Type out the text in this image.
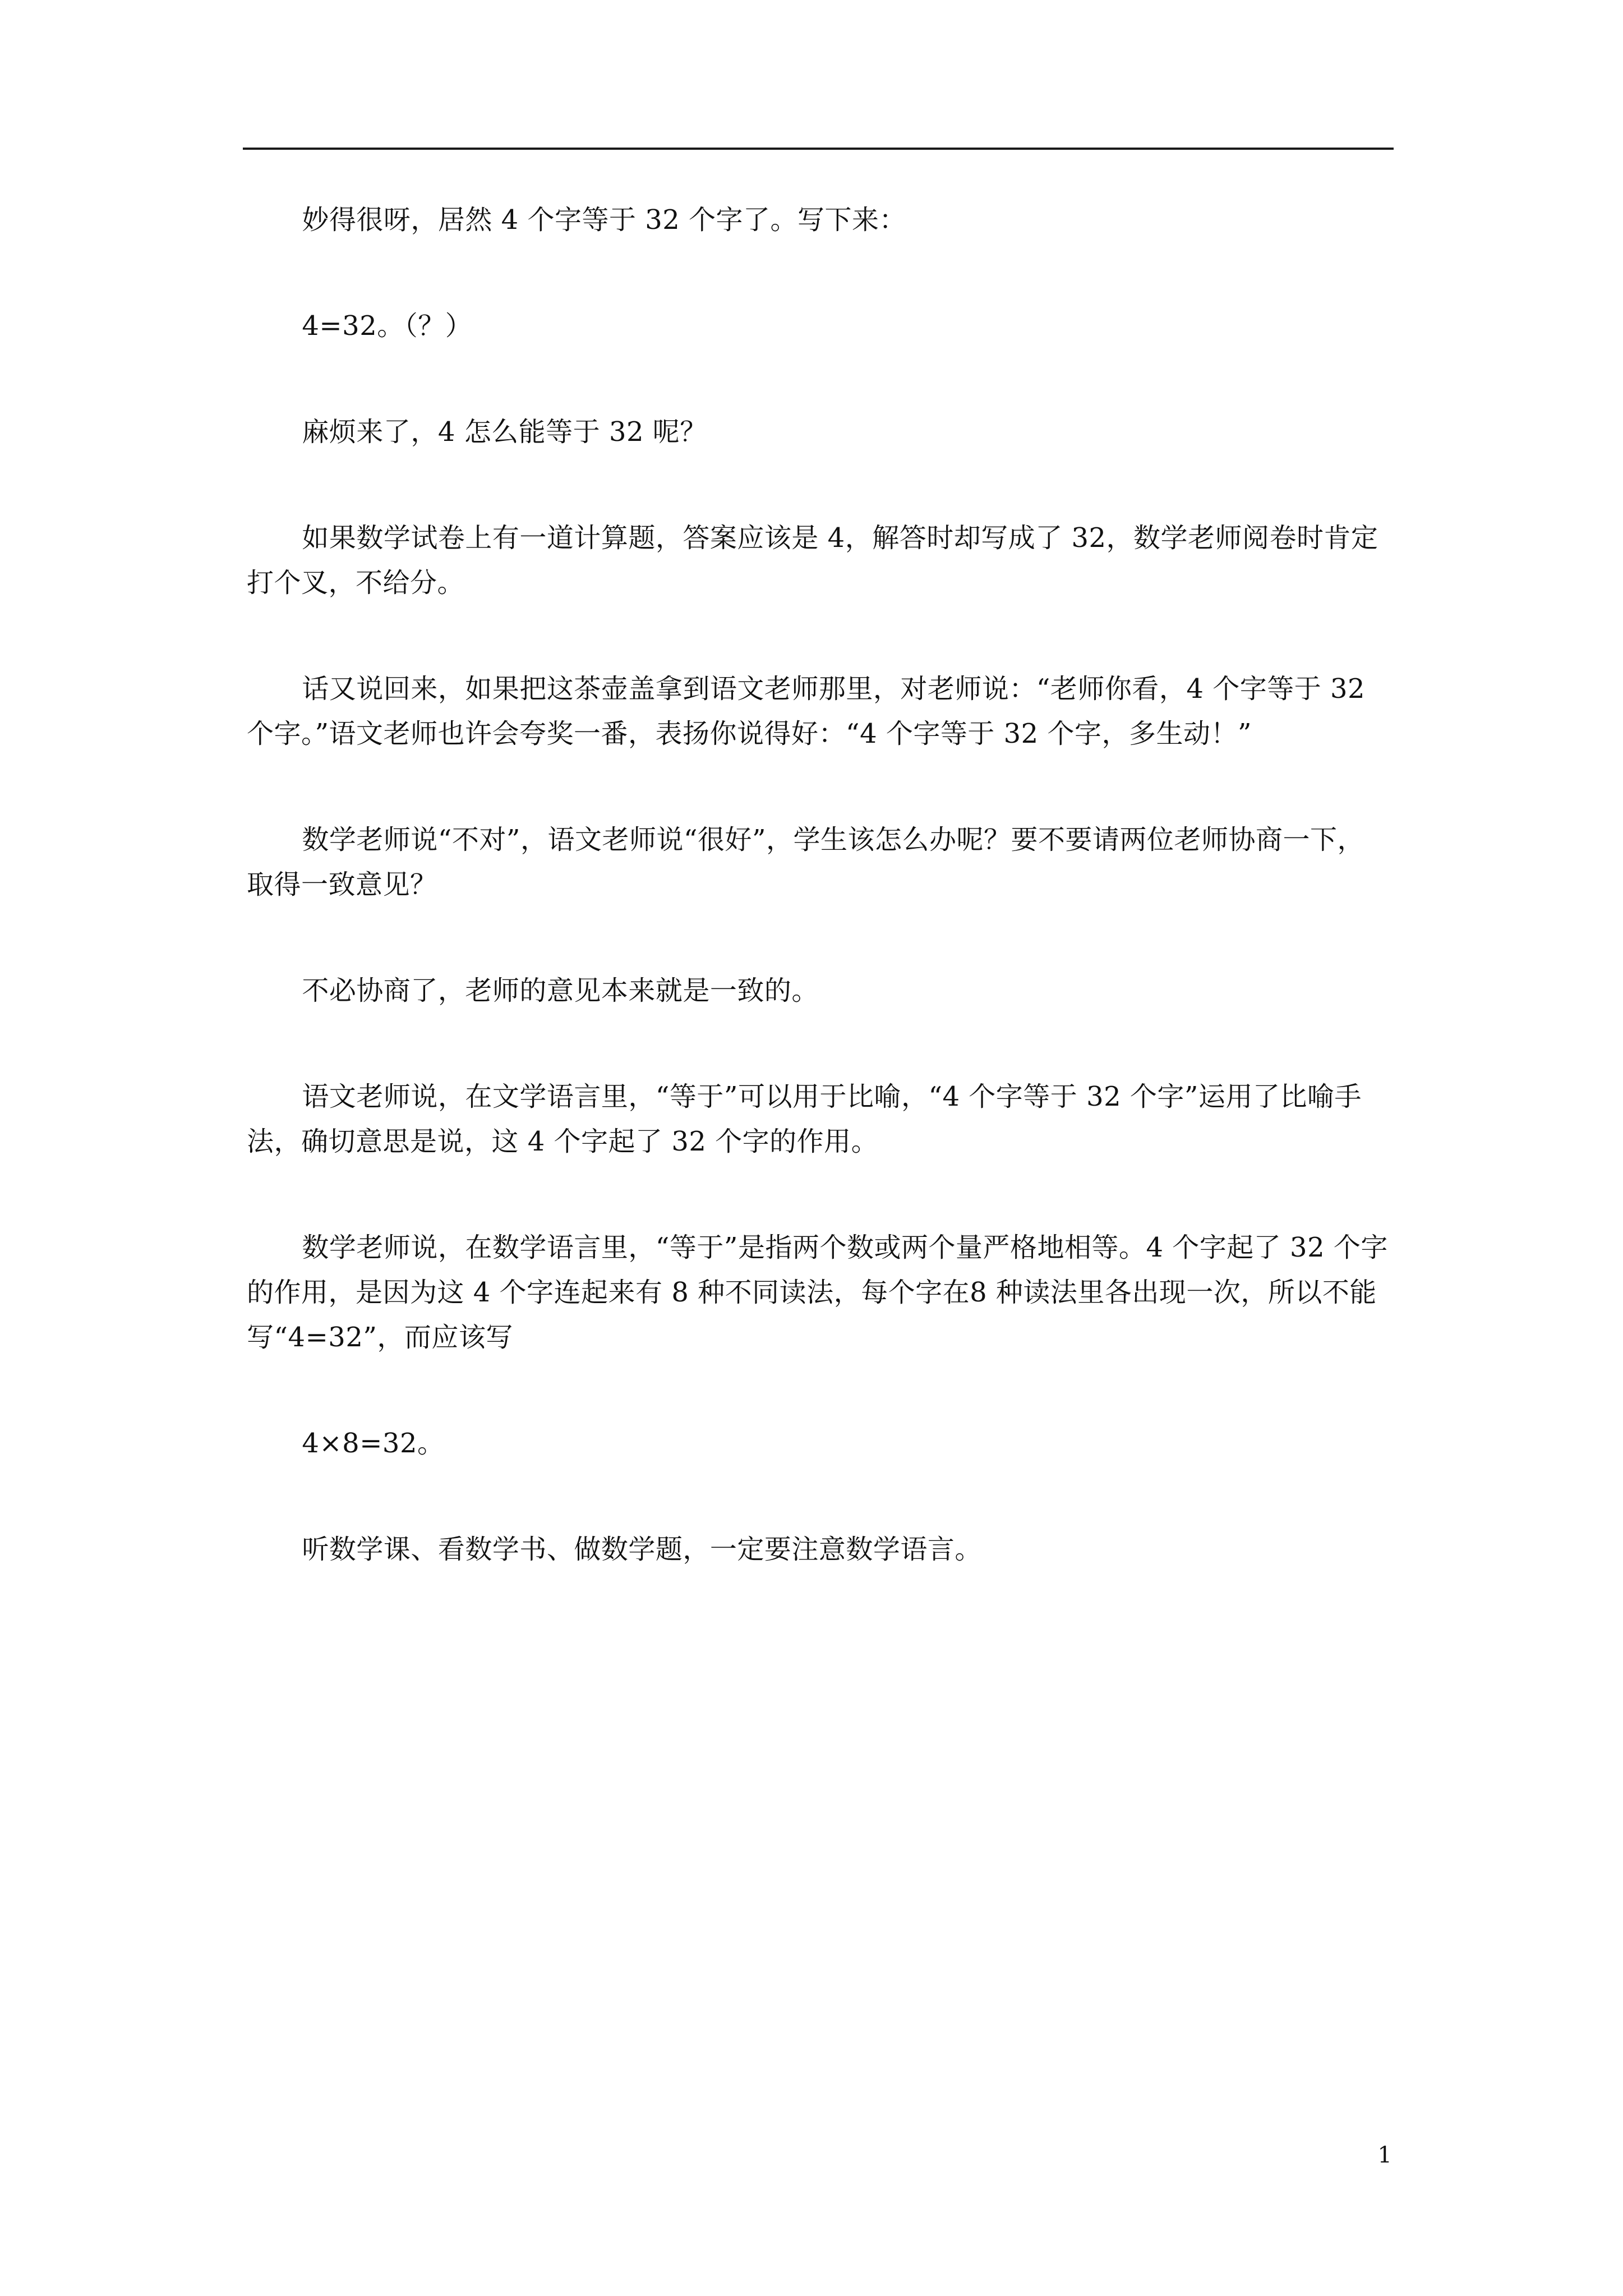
妙得很呀，居然 4 个字等于 32 个字了。写下来：

4=32。（？）

麻烦来了，4 怎么能等于 32 呢？

如果数学试卷上有一道计算题，答案应该是 4，解答时却写成了 32，数学老师阅卷时肯定打个叉，不给分。

话又说回来，如果把这茶壶盖拿到语文老师那里，对老师说：“老师你看，4 个字等于 32 个字。”语文老师也许会夸奖一番，表扬你说得好：“4 个字等于 32 个字，多生动！”

数学老师说“不对”，语文老师说“很好”，学生该怎么办呢？要不要请两位老师协商一下，取得一致意见？

不必协商了，老师的意见本来就是一致的。

语文老师说，在文学语言里，“等于”可以用于比喻，“4 个字等于 32 个字”运用了比喻手法，确切意思是说，这 4 个字起了 32 个字的作用。

数学老师说，在数学语言里，“等于”是指两个数或两个量严格地相等。4 个字起了 32 个字的作用，是因为这 4 个字连起来有 8 种不同读法，每个字在8 种读法里各出现一次，所以不能写“4=32”，而应该写

4×8=32。

听数学课、看数学书、做数学题，一定要注意数学语言。

1
